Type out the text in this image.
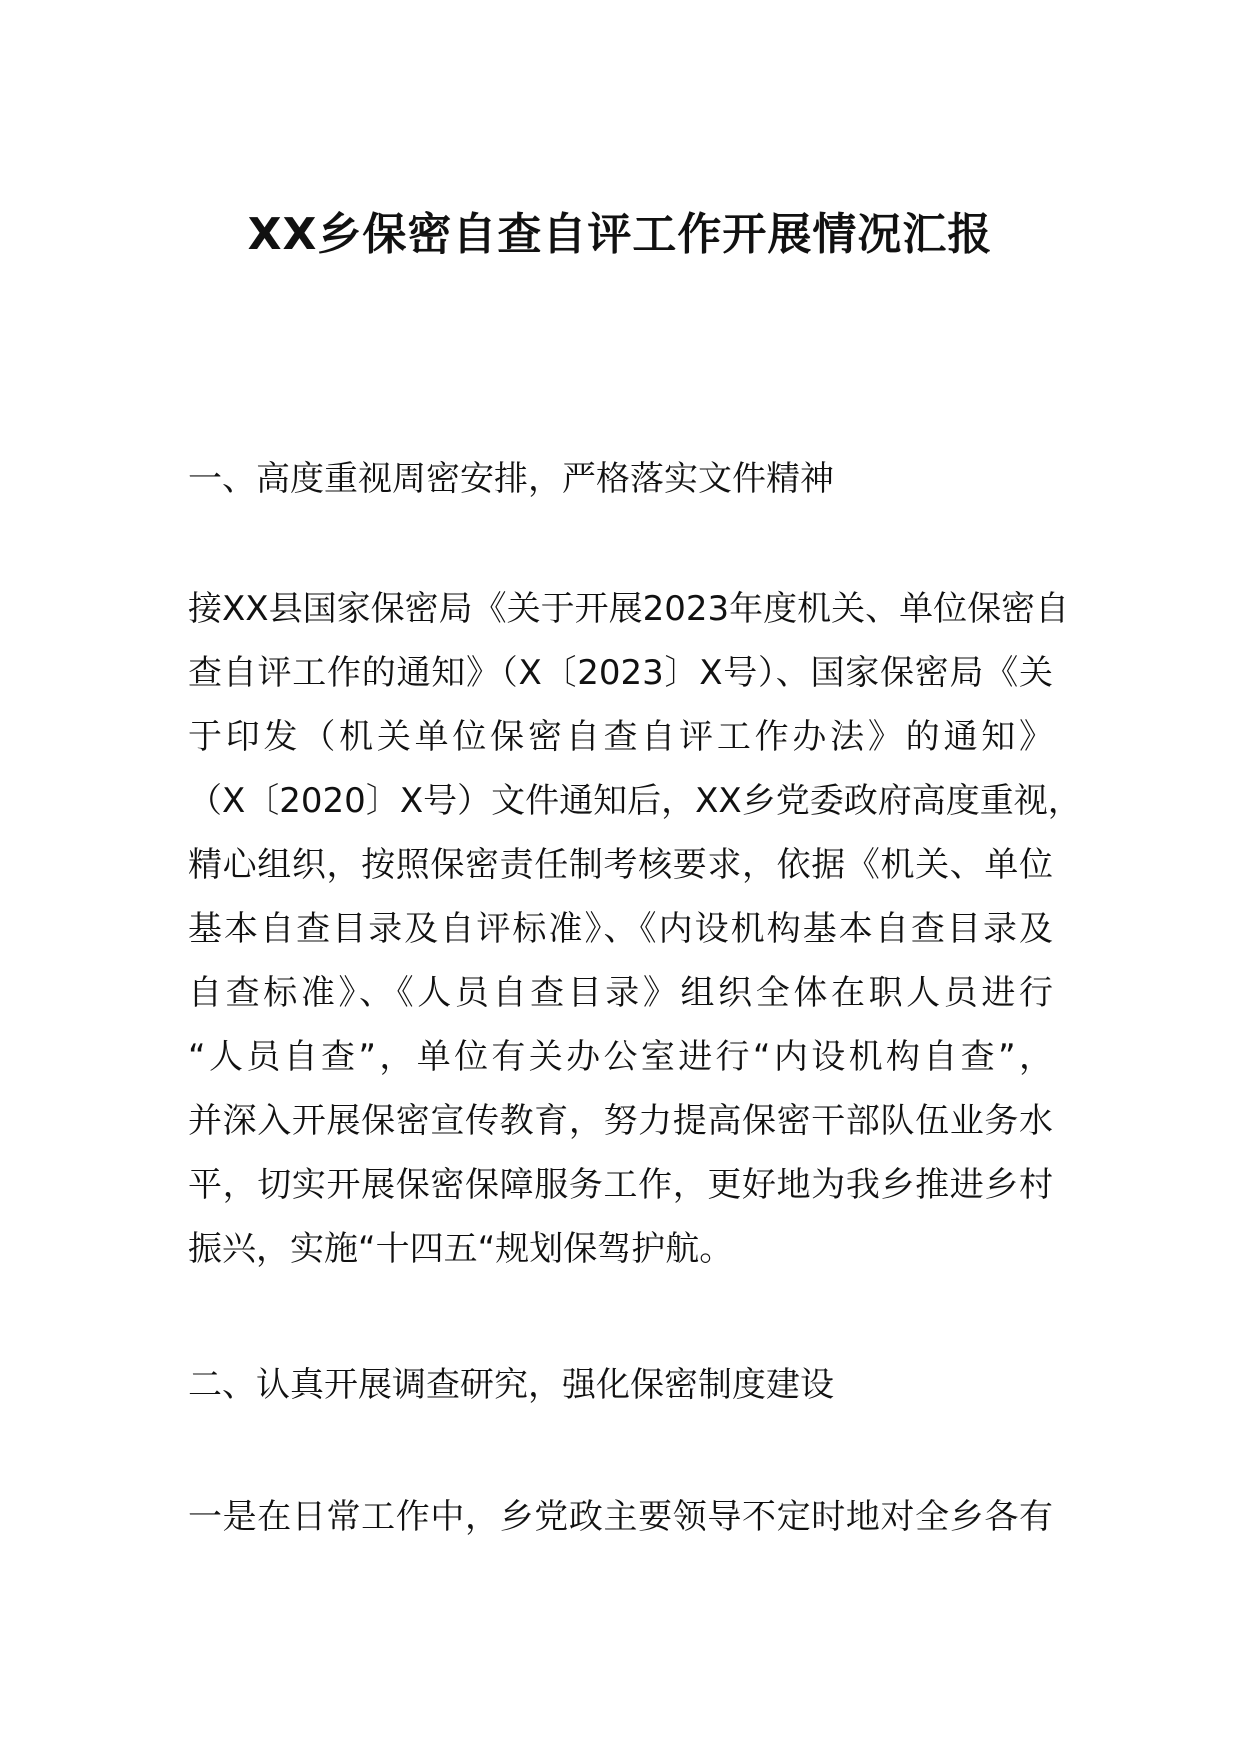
XX乡保密自查自评工作开展情况汇报

一、高度重视周密安排，严格落实文件精神

接XX县国家保密局《关于开展2023年度机关、单位保密自

查自评工作的通知》（X〔2023〕X号）、国家保密局《关

于印发（机关单位保密自查自评工作办法》的通知》

（X〔2020〕X号）文件通知后，XX乡党委政府高度重视，

精心组织，按照保密责任制考核要求，依据《机关、单位

基本自查目录及自评标准》、《内设机构基本自查目录及

自查标准》、《人员自查目录》组织全体在职人员进行

“人员自查”，单位有关办公室进行“内设机构自查”，

并深入开展保密宣传教育，努力提高保密干部队伍业务水

平，切实开展保密保障服务工作，更好地为我乡推进乡村

振兴，实施“十四五“规划保驾护航。

二、认真开展调查研究，强化保密制度建设

一是在日常工作中，乡党政主要领导不定时地对全乡各有
